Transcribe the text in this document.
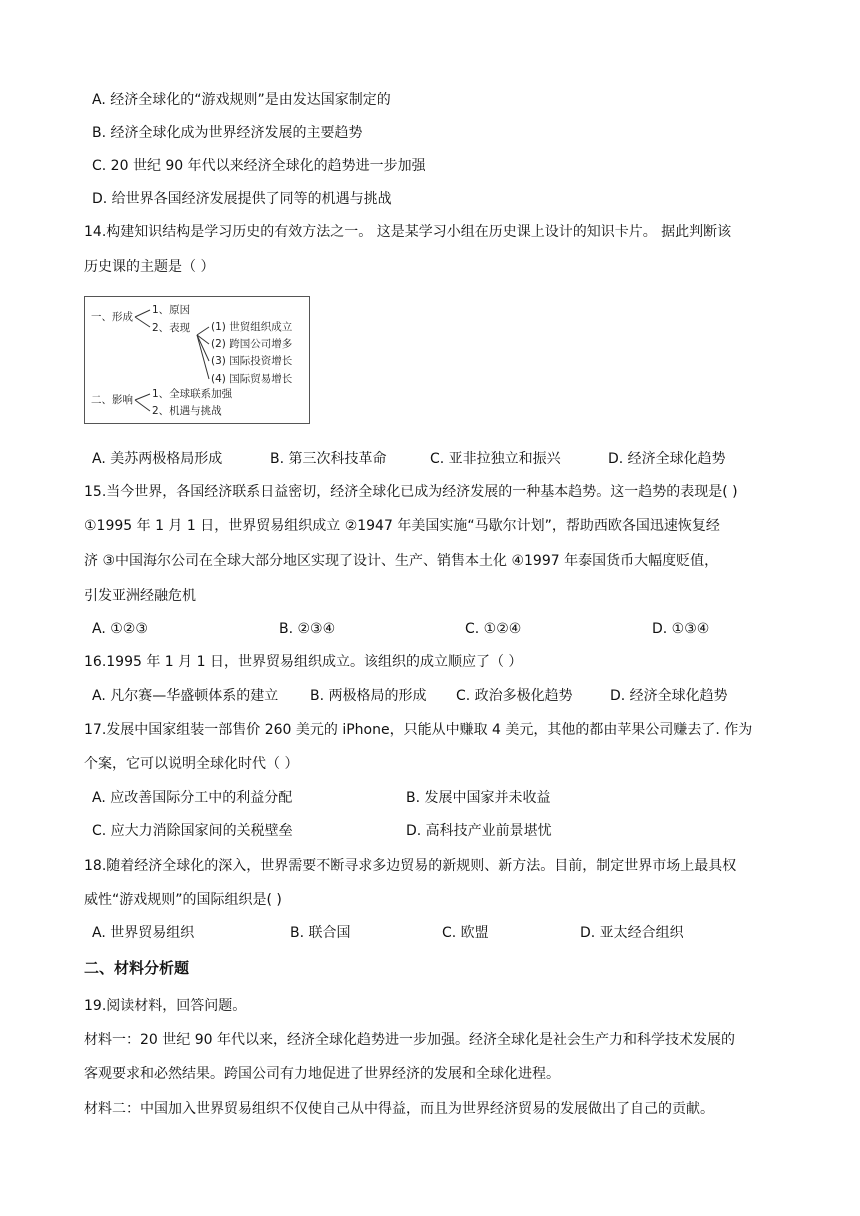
A. 经济全球化的“游戏规则”是由发达国家制定的
B. 经济全球化成为世界经济发展的主要趋势
C. 20 世纪 90 年代以来经济全球化的趋势进一步加强
D. 给世界各国经济发展提供了同等的机遇与挑战
14.构建知识结构是学习历史的有效方法之一。 这是某学习小组在历史课上设计的知识卡片。 据此判断该
历史课的主题是（ ）
一、形成
1、原因
2、表现 (1) 世贸组织成立
(2) 跨国公司增多
(3) 国际投资增长
(4) 国际贸易增长
二、影响 1、全球联系加强
2、机遇与挑战
A. 美苏两极格局形成	B. 第三次科技革命	C. 亚非拉独立和振兴	D. 经济全球化趋势
15.当今世界，各国经济联系日益密切，经济全球化已成为经济发展的一种基本趋势。这一趋势的表现是( )
①1995 年 1 月 1 日，世界贸易组织成立 ②1947 年美国实施“马歇尔计划”，帮助西欧各国迅速恢复经
济 ③中国海尔公司在全球大部分地区实现了设计、生产、销售本土化 ④1997 年泰国货币大幅度贬值，
引发亚洲经融危机
A. ①②③	B. ②③④	C. ①②④	D. ①③④
16.1995 年 1 月 1 日，世界贸易组织成立。该组织的成立顺应了（ ）
A. 凡尔赛—华盛顿体系的建立 B. 两极格局的形成 C. 政治多极化趋势	D. 经济全球化趋势
17.发展中国家组装一部售价 260 美元的 iPhone，只能从中赚取 4 美元，其他的都由苹果公司赚去了. 作为
个案，它可以说明全球化时代（ ）
A. 应改善国际分工中的利益分配	B. 发展中国家并未收益
C. 应大力消除国家间的关税壁垒	D. 高科技产业前景堪忧
18.随着经济全球化的深入，世界需要不断寻求多边贸易的新规则、新方法。目前，制定世界市场上最具权
威性“游戏规则”的国际组织是( )
A. 世界贸易组织	B. 联合国	C. 欧盟	D. 亚太经合组织
二、材料分析题
19.阅读材料，回答问题。
材料一：20 世纪 90 年代以来，经济全球化趋势进一步加强。经济全球化是社会生产力和科学技术发展的
客观要求和必然结果。跨国公司有力地促进了世界经济的发展和全球化进程。
材料二：中国加入世界贸易组织不仅使自己从中得益，而且为世界经济贸易的发展做出了自己的贡献。
